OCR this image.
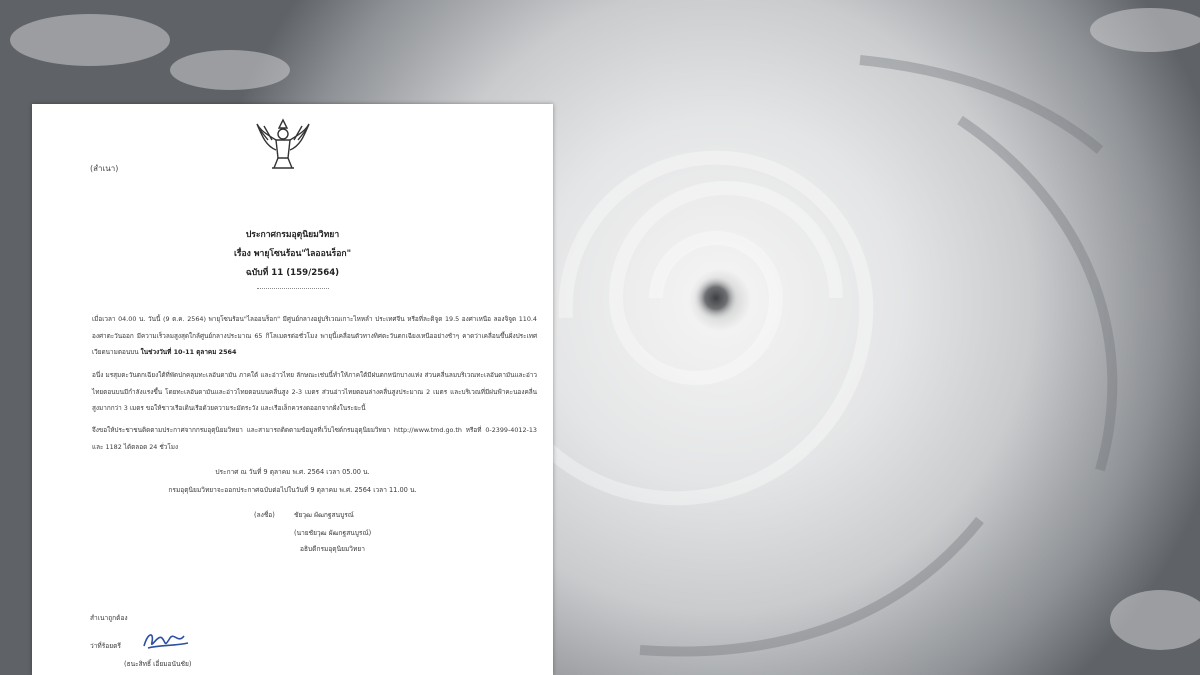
(สำเนา)
ประกาศกรมอุตุนิยมวิทยา
เรื่อง พายุโซนร้อน"ไลออนร็อก"
ฉบับที่ 11 (159/2564)
เมื่อเวลา 04.00 น. วันนี้ (9 ต.ค. 2564) พายุโซนร้อน"ไลออนร็อก" มีศูนย์กลางอยู่บริเวณเกาะไหหลำ ประเทศจีน หรือที่ละติจูด 19.5 องศาเหนือ ลองจิจูด 110.4 องศาตะวันออก มีความเร็วลมสูงสุดใกล้ศูนย์กลางประมาณ 65 กิโลเมตรต่อชั่วโมง พายุนี้เคลื่อนตัวทางทิศตะวันตกเฉียงเหนืออย่างช้าๆ คาดว่าเคลื่อนขึ้นฝั่งประเทศเวียดนามตอนบน ในช่วงวันที่ 10-11 ตุลาคม 2564
อนึ่ง มรสุมตะวันตกเฉียงใต้ที่พัดปกคลุมทะเลอันดามัน ภาคใต้ และอ่าวไทย ลักษณะเช่นนี้ทำให้ภาคใต้มีฝนตกหนักบางแห่ง ส่วนคลื่นลมบริเวณทะเลอันดามันและอ่าวไทยตอนบนมีกำลังแรงขึ้น โดยทะเลอันดามันและอ่าวไทยตอนบนคลื่นสูง 2-3 เมตร ส่วนอ่าวไทยตอนล่างคลื่นสูงประมาณ 2 เมตร และบริเวณที่มีฝนฟ้าคะนองคลื่นสูงมากกว่า 3 เมตร ขอให้ชาวเรือเดินเรือด้วยความระมัดระวัง และเรือเล็กควรงดออกจากฝั่งในระยะนี้
จึงขอให้ประชาชนติดตามประกาศจากกรมอุตุนิยมวิทยา และสามารถติดตามข้อมูลที่เว็บไซต์กรมอุตุนิยมวิทยา http://www.tmd.go.th หรือที่ 0-2399-4012-13 และ 1182 ได้ตลอด 24 ชั่วโมง
ประกาศ ณ วันที่ 9 ตุลาคม พ.ศ. 2564 เวลา 05.00 น.
กรมอุตุนิยมวิทยาจะออกประกาศฉบับต่อไปในวันที่ 9 ตุลาคม พ.ศ. 2564 เวลา 11.00 น.
(ลงชื่อ)	ชัยวุฒ ผัฒกฐสนบูรณ์
(นายชัยวุฒ ผัฒกฐสนบูรณ์)
อธิบดีกรมอุตุนิยมวิทยา
สำเนาถูกต้อง
ว่าที่ร้อยตรี
(ธนะสิทธิ์ เอี่ยมอนันชัย)
